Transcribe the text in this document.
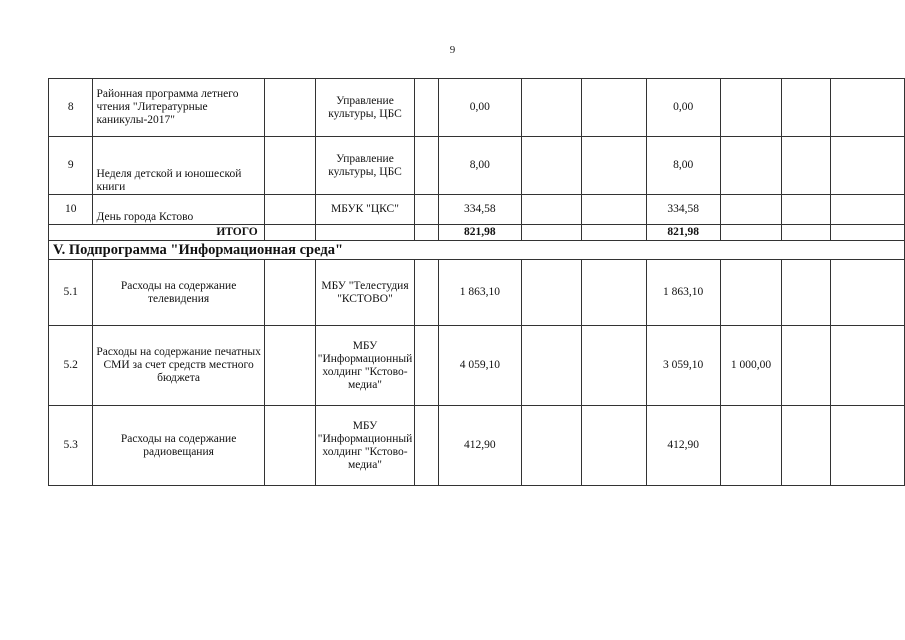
9
8	Районная программа летнего чтения "Литературные каникулы-2017"		Управление культуры, ЦБС		0,00			0,00			
9	Неделя детской и юношеской книги		Управление культуры, ЦБС		8,00			8,00			
10	День города Кстово		МБУК "ЦКС"		334,58			334,58			
ИТОГО					821,98			821,98			
V. Подпрограмма "Информационная среда"											
5.1	Расходы на содержание телевидения		МБУ "Телестудия "КСТОВО"		1 863,10			1 863,10			
5.2	Расходы на содержание печатных СМИ за счет средств местного бюджета		МБУ "Информационный холдинг "Кстово-медиа"		4 059,10			3 059,10	1 000,00		
5.3	Расходы на содержание радиовещания		МБУ "Информационный холдинг "Кстово-медиа"		412,90			412,90			
